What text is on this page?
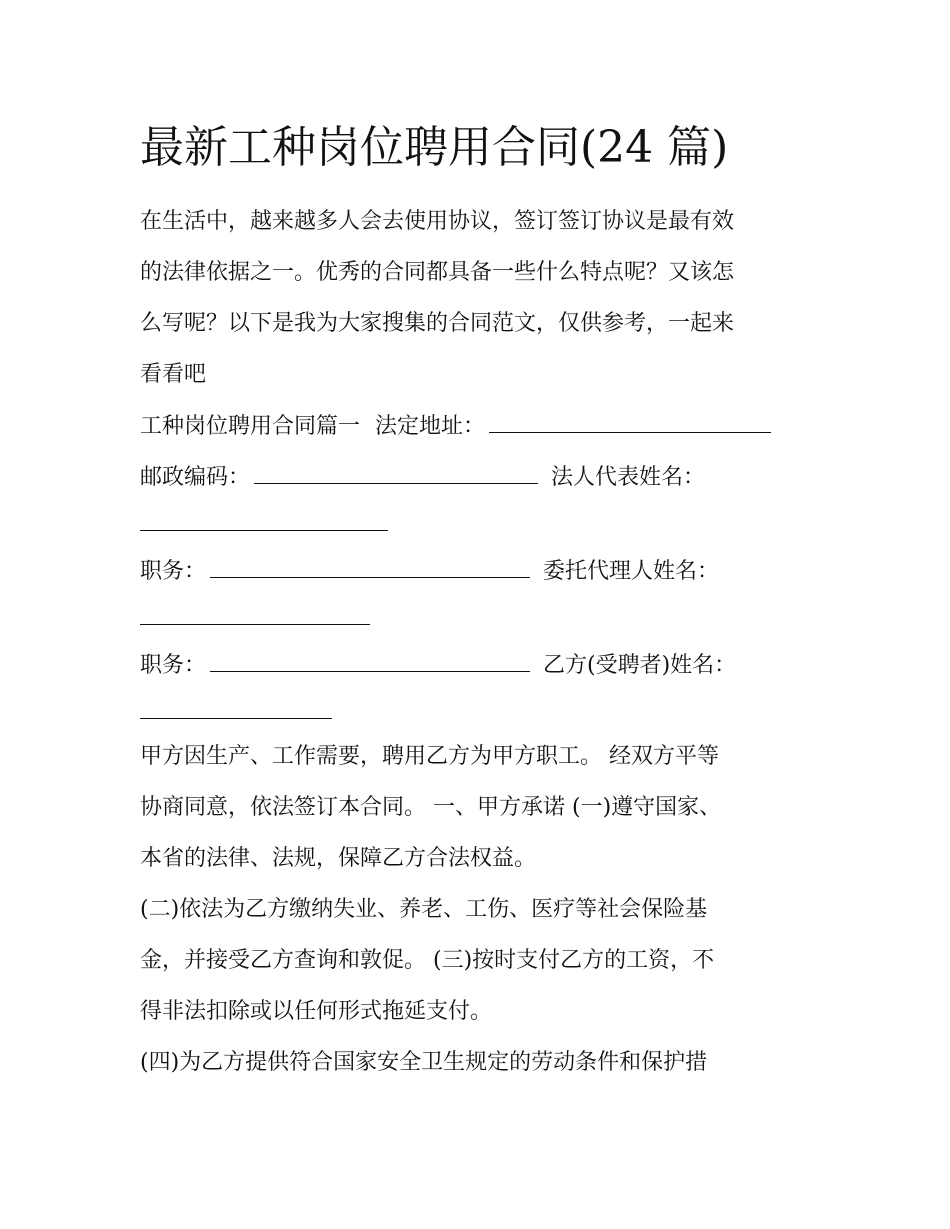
最新工种岗位聘用合同(24 篇)
在生活中，越来越多人会去使用协议，签订签订协议是最有效
的法律依据之一。优秀的合同都具备一些什么特点呢？又该怎
么写呢？以下是我为大家搜集的合同范文，仅供参考，一起来
看看吧
工种岗位聘用合同篇一 法定地址：
邮政编码：	法人代表姓名：
职务：	委托代理人姓名：
职务：	乙方(受聘者)姓名：
甲方因生产、工作需要，聘用乙方为甲方职工。 经双方平等
协商同意，依法签订本合同。 一、甲方承诺 (一)遵守国家、
本省的法律、法规，保障乙方合法权益。
(二)依法为乙方缴纳失业、养老、工伤、医疗等社会保险基
金，并接受乙方查询和敦促。 (三)按时支付乙方的工资，不
得非法扣除或以任何形式拖延支付。
(四)为乙方提供符合国家安全卫生规定的劳动条件和保护措
